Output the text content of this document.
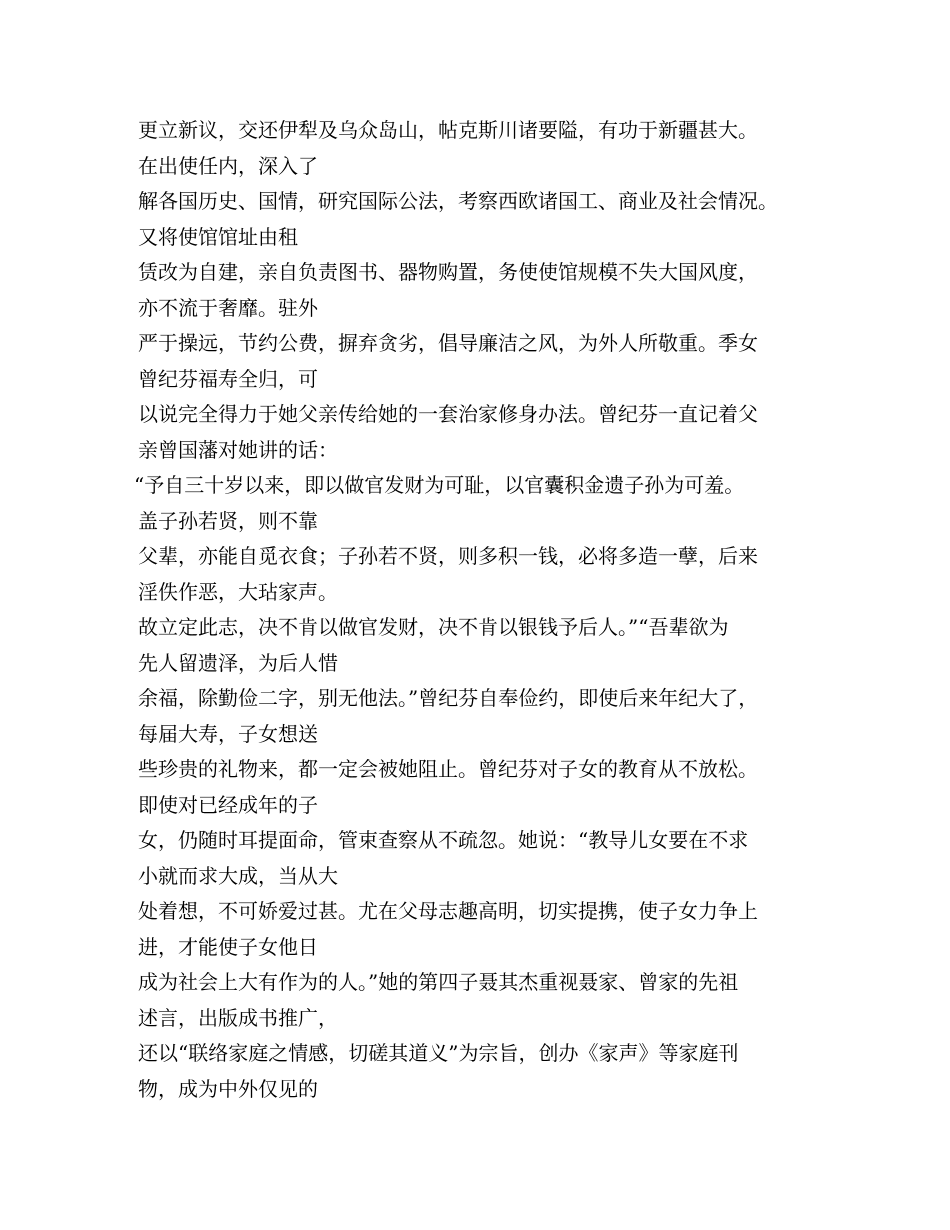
更立新议，交还伊犁及乌众岛山，帖克斯川诸要隘，有功于新疆甚大。
在出使任内，深入了
解各国历史、国情，研究国际公法，考察西欧诸国工、商业及社会情况。
又将使馆馆址由租
赁改为自建，亲自负责图书、器物购置，务使使馆规模不失大国风度，
亦不流于奢靡。驻外
严于操远，节约公费，摒弃贪劣，倡导廉洁之风，为外人所敬重。季女
曾纪芬福寿全归，可
以说完全得力于她父亲传给她的一套治家修身办法。曾纪芬一直记着父
亲曾国藩对她讲的话：
“予自三十岁以来，即以做官发财为可耻，以官囊积金遗子孙为可羞。
盖子孙若贤，则不靠
父辈，亦能自觅衣食；子孙若不贤，则多积一钱，必将多造一孽，后来
淫佚作恶，大玷家声。
故立定此志，决不肯以做官发财，决不肯以银钱予后人。”“吾辈欲为
先人留遗泽，为后人惜
余福，除勤俭二字，别无他法。”曾纪芬自奉俭约，即使后来年纪大了，
每届大寿，子女想送
些珍贵的礼物来，都一定会被她阻止。曾纪芬对子女的教育从不放松。
即使对已经成年的子
女，仍随时耳提面命，管束查察从不疏忽。她说：“教导儿女要在不求
小就而求大成，当从大
处着想，不可娇爱过甚。尤在父母志趣高明，切实提携，使子女力争上
进，才能使子女他日
成为社会上大有作为的人。”她的第四子聂其杰重视聂家、曾家的先祖
述言，出版成书推广，
还以“联络家庭之情感，切磋其道义”为宗旨，创办《家声》等家庭刊
物，成为中外仅见的
